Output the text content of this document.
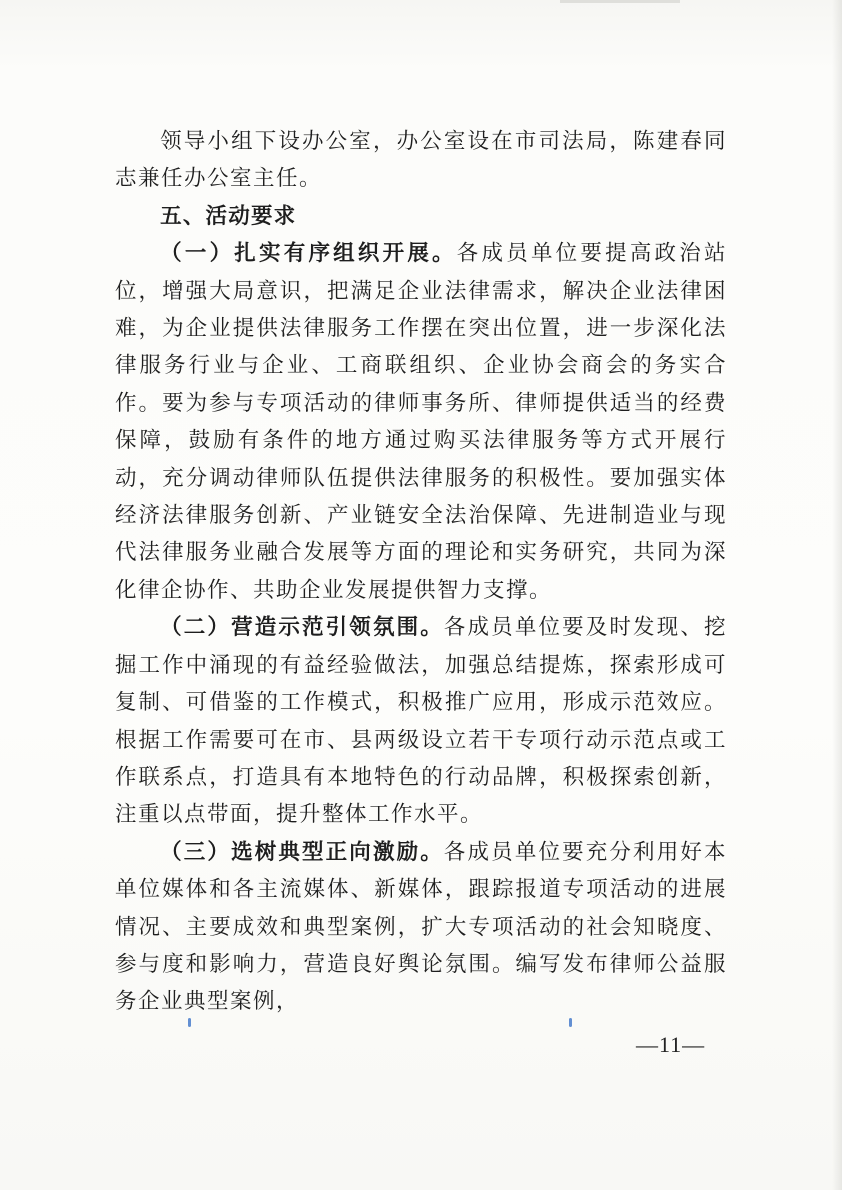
领导小组下设办公室，办公室设在市司法局，陈建春同志兼任办公室主任。

五、活动要求

（一）扎实有序组织开展。各成员单位要提高政治站位，增强大局意识，把满足企业法律需求，解决企业法律困难，为企业提供法律服务工作摆在突出位置，进一步深化法律服务行业与企业、工商联组织、企业协会商会的务实合作。要为参与专项活动的律师事务所、律师提供适当的经费保障，鼓励有条件的地方通过购买法律服务等方式开展行动，充分调动律师队伍提供法律服务的积极性。要加强实体经济法律服务创新、产业链安全法治保障、先进制造业与现代法律服务业融合发展等方面的理论和实务研究，共同为深化律企协作、共助企业发展提供智力支撑。

（二）营造示范引领氛围。各成员单位要及时发现、挖掘工作中涌现的有益经验做法，加强总结提炼，探索形成可复制、可借鉴的工作模式，积极推广应用，形成示范效应。根据工作需要可在市、县两级设立若干专项行动示范点或工作联系点，打造具有本地特色的行动品牌，积极探索创新，注重以点带面，提升整体工作水平。

（三）选树典型正向激励。各成员单位要充分利用好本单位媒体和各主流媒体、新媒体，跟踪报道专项活动的进展情况、主要成效和典型案例，扩大专项活动的社会知晓度、参与度和影响力，营造良好舆论氛围。编写发布律师公益服务企业典型案例，

—11—
